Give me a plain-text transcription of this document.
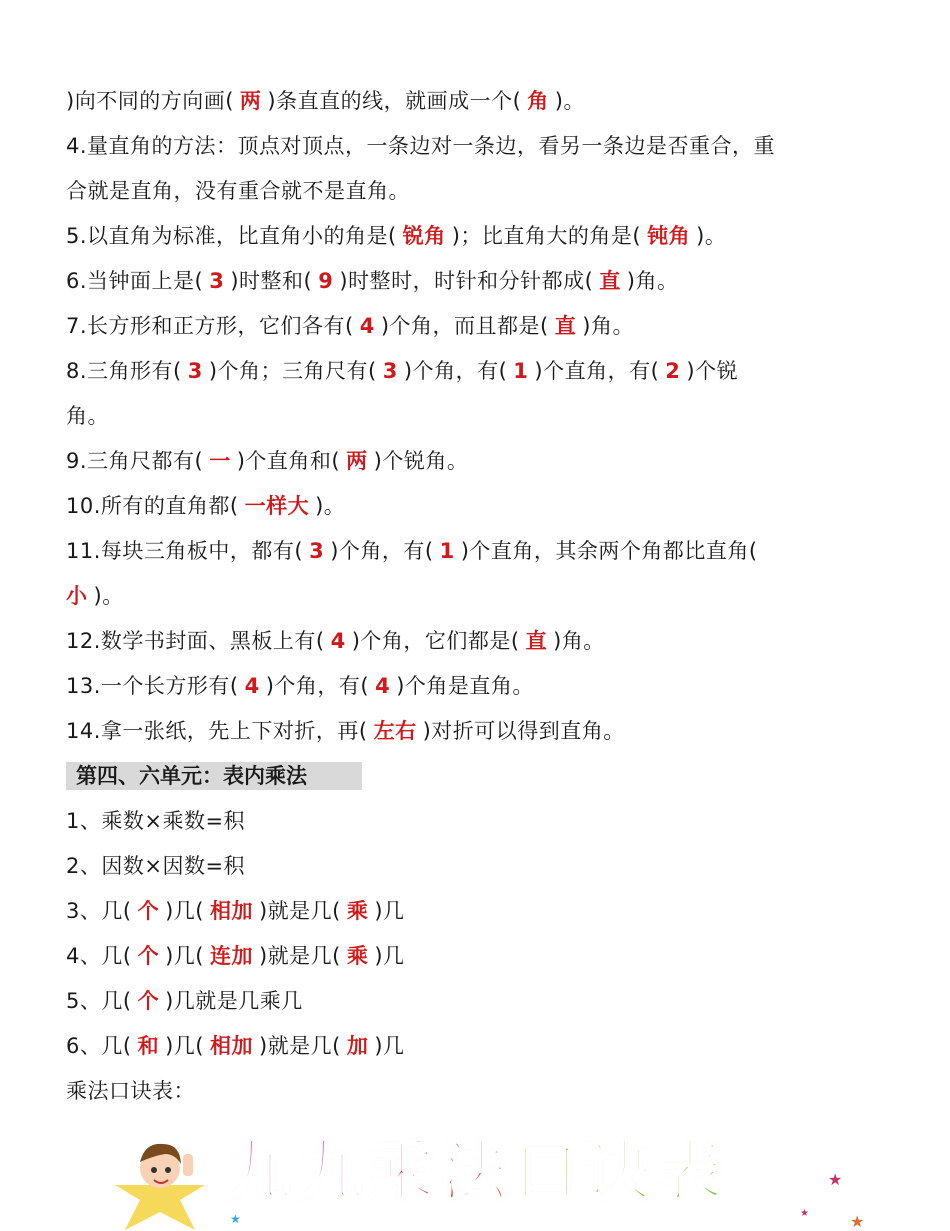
)向不同的方向画( 两 )条直直的线，就画成一个( 角 )。
4.量直角的方法：顶点对顶点，一条边对一条边，看另一条边是否重合，重
合就是直角，没有重合就不是直角。
5.以直角为标准，比直角小的角是( 锐角 )；比直角大的角是( 钝角 )。
6.当钟面上是( 3 )时整和( 9 )时整时，时针和分针都成( 直 )角。
7.长方形和正方形，它们各有( 4 )个角，而且都是( 直 )角。
8.三角形有( 3 )个角；三角尺有( 3 )个角，有( 1 )个直角，有( 2 )个锐
角。
9.三角尺都有( 一 )个直角和( 两 )个锐角。
10.所有的直角都( 一样大 )。
11.每块三角板中，都有( 3 )个角，有( 1 )个直角，其余两个角都比直角(
小 )。
12.数学书封面、黑板上有( 4 )个角，它们都是( 直 )角。
13.一个长方形有( 4 )个角，有( 4 )个角是直角。
14.拿一张纸，先上下对折，再( 左右 )对折可以得到直角。
第四、六单元：表内乘法
1、乘数×乘数=积
2、因数×因数=积
3、几( 个 )几( 相加 )就是几( 乘 )几
4、几( 个 )几( 连加 )就是几( 乘 )几
5、几( 个 )几就是几乘几
6、几( 和 )几( 相加 )就是几( 加 )几
乘法口诀表：
九九乘法口诀表	★
★	★
★
